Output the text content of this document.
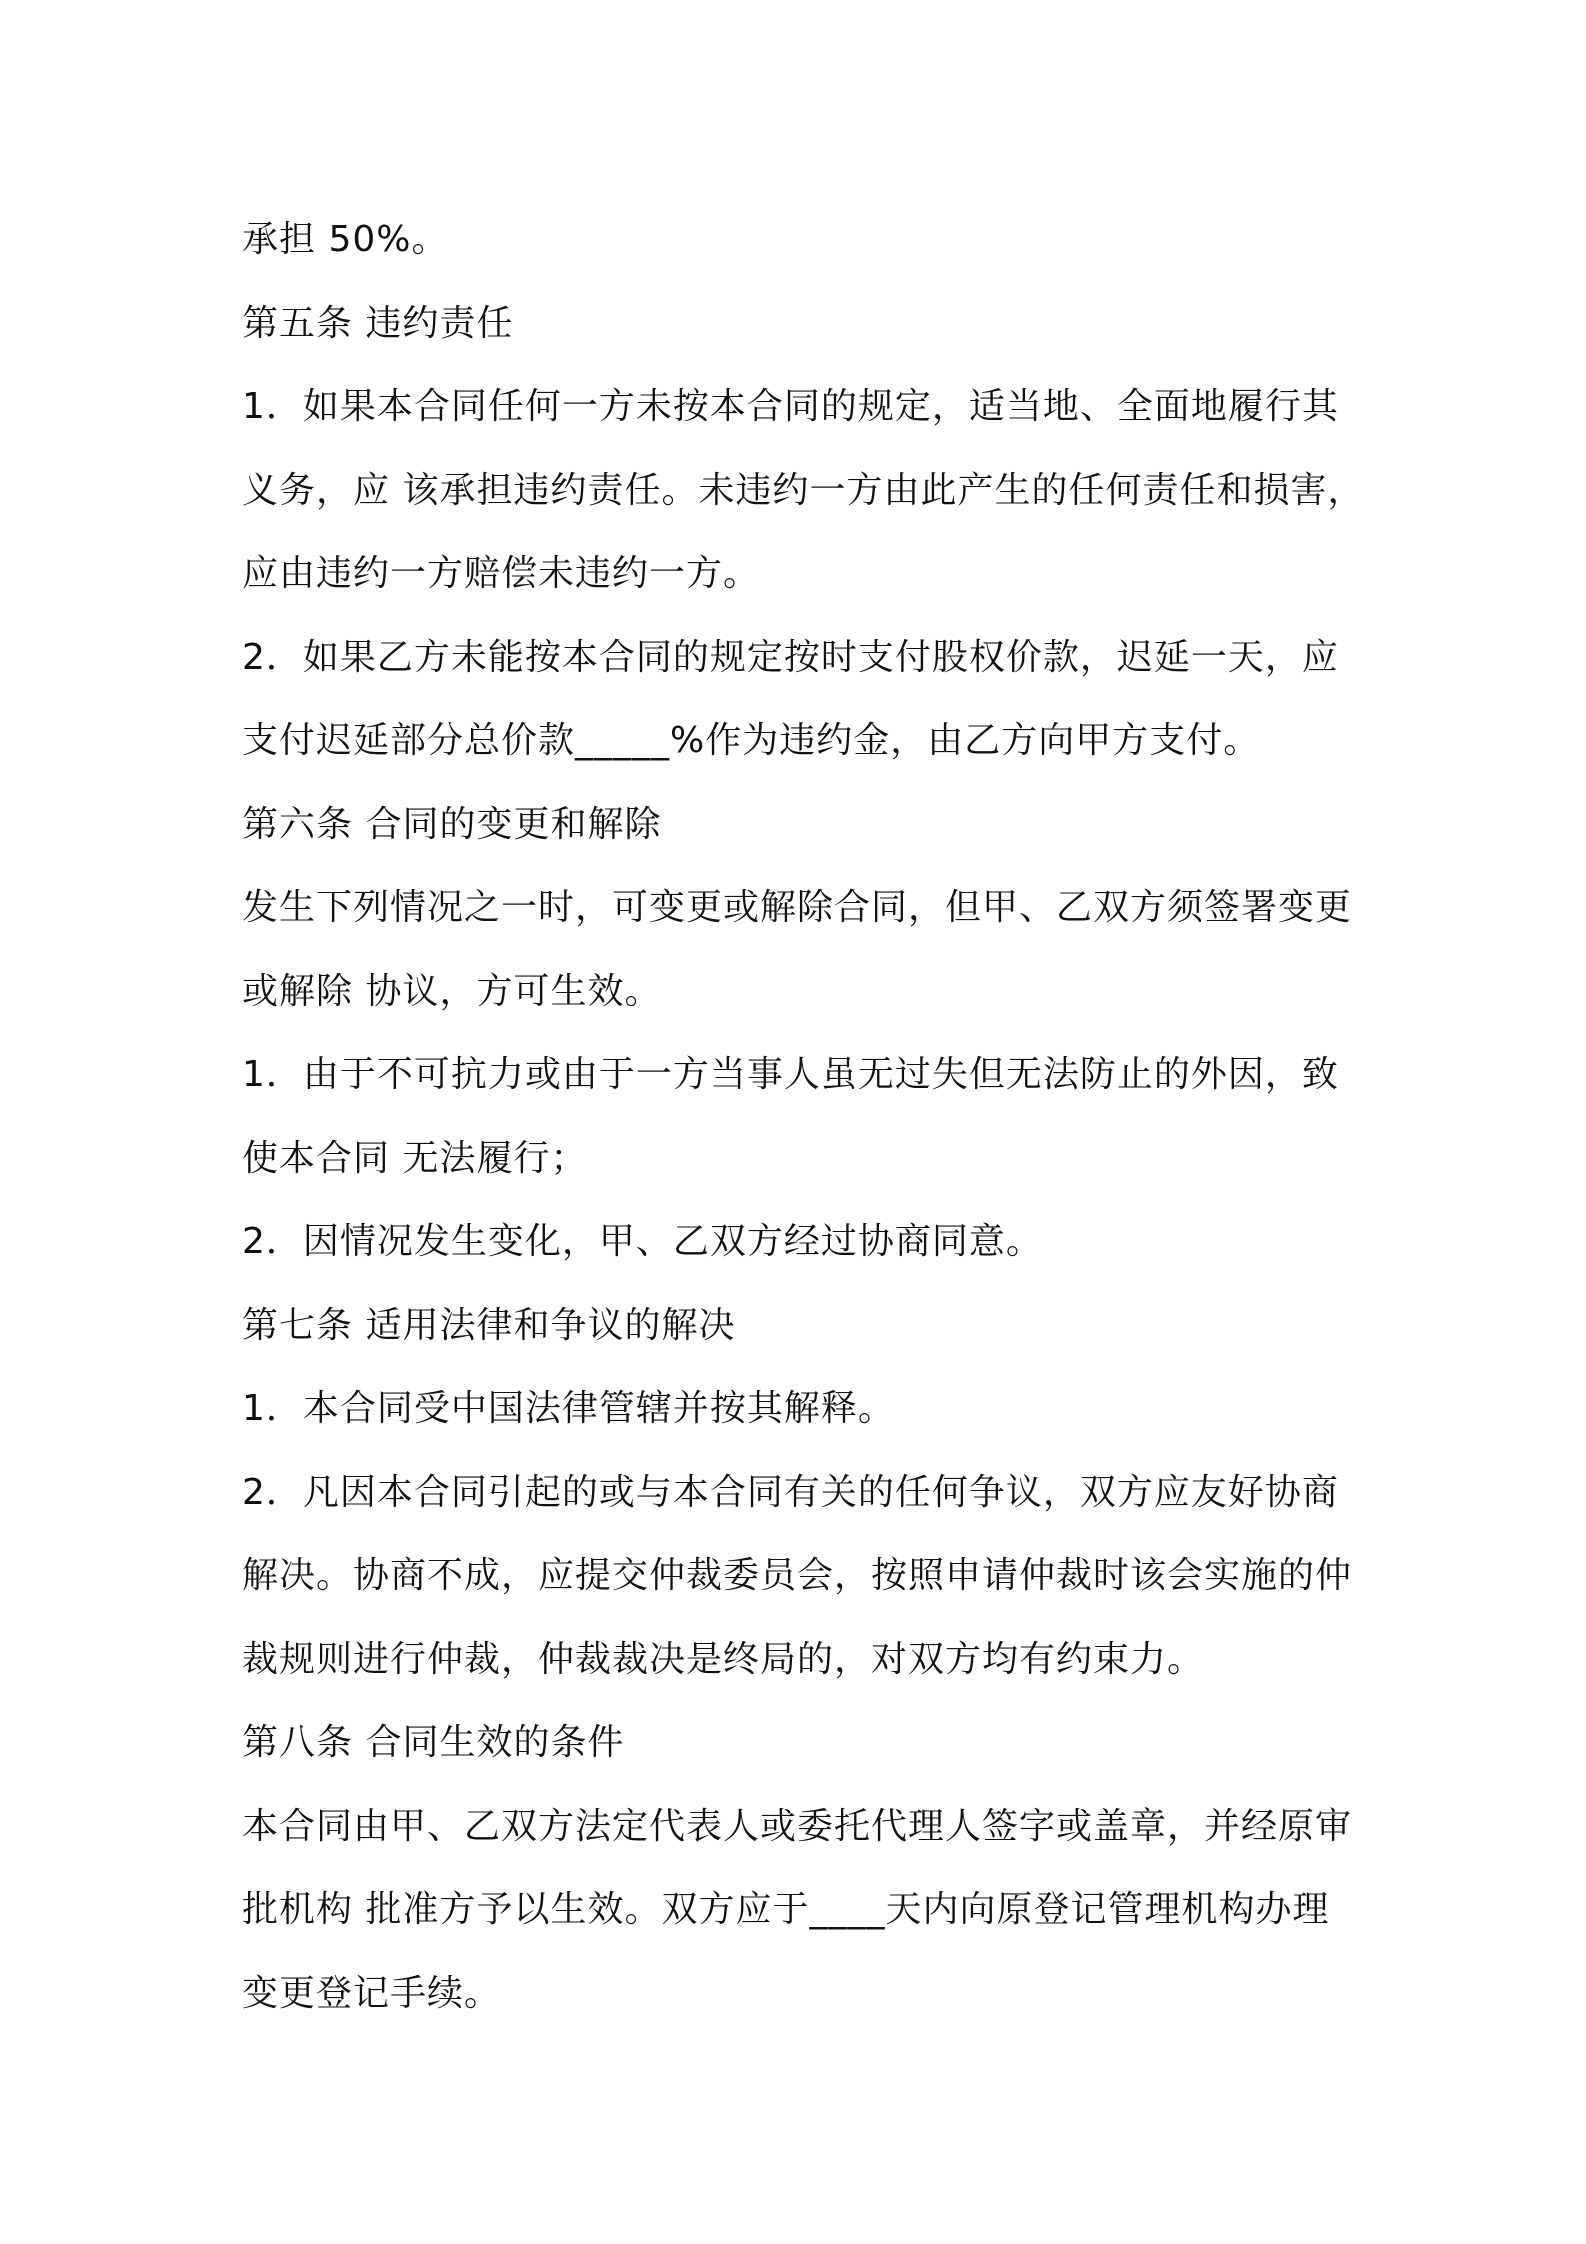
承担 50%。
第五条 违约责任
1．如果本合同任何一方未按本合同的规定，适当地、全面地履行其
义务，应 该承担违约责任。未违约一方由此产生的任何责任和损害，
应由违约一方赔偿未违约一方。
2．如果乙方未能按本合同的规定按时支付股权价款，迟延一天，应
支付迟延部分总价款_____%作为违约金，由乙方向甲方支付。
第六条 合同的变更和解除
发生下列情况之一时，可变更或解除合同，但甲、乙双方须签署变更
或解除 协议，方可生效。
1．由于不可抗力或由于一方当事人虽无过失但无法防止的外因，致
使本合同 无法履行；
2．因情况发生变化，甲、乙双方经过协商同意。
第七条 适用法律和争议的解决
1．本合同受中国法律管辖并按其解释。
2．凡因本合同引起的或与本合同有关的任何争议，双方应友好协商
解决。协商不成，应提交仲裁委员会，按照申请仲裁时该会实施的仲
裁规则进行仲裁，仲裁裁决是终局的，对双方均有约束力。
第八条 合同生效的条件
本合同由甲、乙双方法定代表人或委托代理人签字或盖章，并经原审
批机构 批准方予以生效。双方应于____天内向原登记管理机构办理
变更登记手续。
